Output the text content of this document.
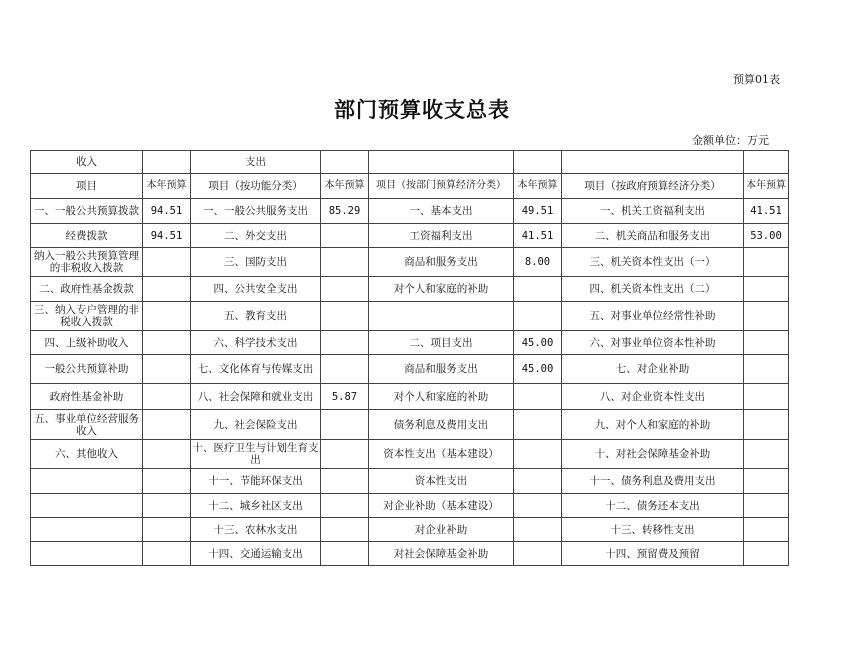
预算01表
部门预算收支总表
金额单位：万元
收入		支出					
项目	本年预算	项目（按功能分类）	本年预算	项目（按部门预算经济分类）	本年预算	项目（按政府预算经济分类）	本年预算
一、一般公共预算拨款	94.51	一、一般公共服务支出	85.29	一、基本支出	49.51	一、机关工资福利支出	41.51
经费拨款	94.51	二、外交支出		工资福利支出	41.51	二、机关商品和服务支出	53.00
纳入一般公共预算管理的非税收入拨款		三、国防支出		商品和服务支出	8.00	三、机关资本性支出（一）	
二、政府性基金拨款		四、公共安全支出		对个人和家庭的补助		四、机关资本性支出（二）	
三、纳入专户管理的非税收入拨款		五、教育支出				五、对事业单位经常性补助	
四、上级补助收入		六、科学技术支出		二、项目支出	45.00	六、对事业单位资本性补助	
一般公共预算补助		七、文化体育与传媒支出		商品和服务支出	45.00	七、对企业补助	
政府性基金补助		八、社会保障和就业支出	5.87	对个人和家庭的补助		八、对企业资本性支出	
五、事业单位经营服务收入		九、社会保险支出		债务利息及费用支出		九、对个人和家庭的补助	
六、其他收入		十、医疗卫生与计划生育支出		资本性支出（基本建设）		十、对社会保障基金补助	
		十一、节能环保支出		资本性支出		十一、债务利息及费用支出	
		十二、城乡社区支出		对企业补助（基本建设）		十二、债务还本支出	
		十三、农林水支出		对企业补助		十三、转移性支出	
		十四、交通运输支出		对社会保障基金补助		十四、预留费及预留	
